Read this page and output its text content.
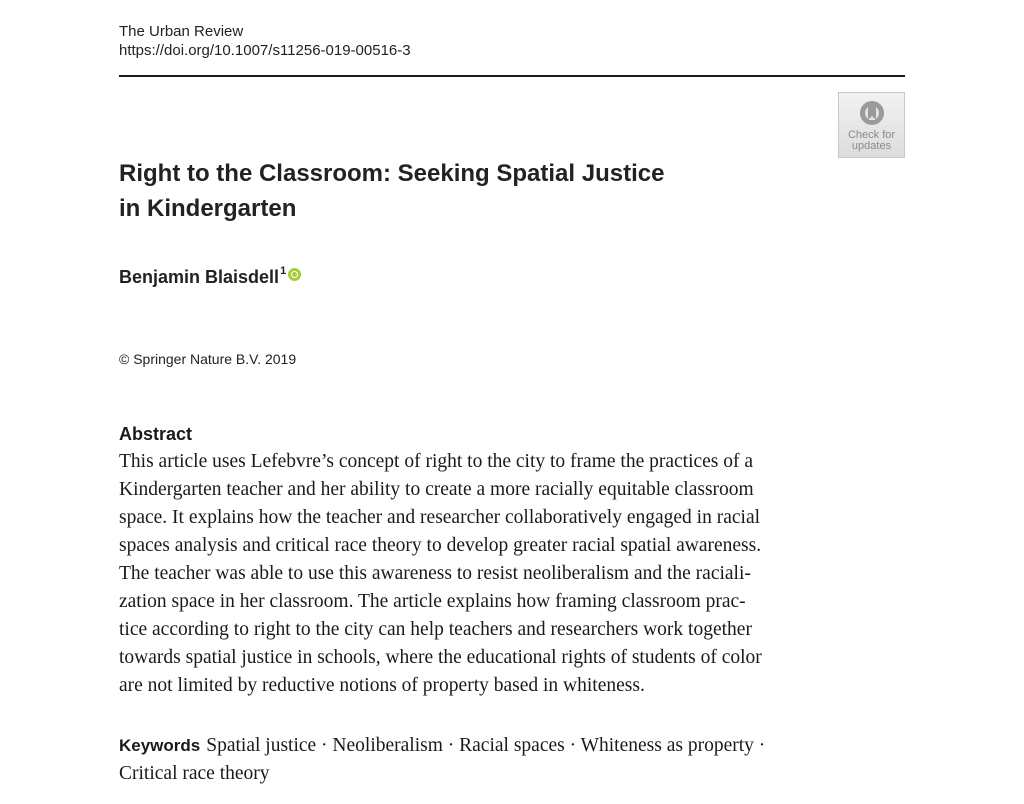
The Urban Review
https://doi.org/10.1007/s11256-019-00516-3
Check for
updates
Right to the Classroom: Seeking Spatial Justice
in Kindergarten
Benjamin Blaisdell$^1$
© Springer Nature B.V. 2019
Abstract
This article uses Lefebvre’s concept of right to the city to frame the practices of a
Kindergarten teacher and her ability to create a more racially equitable classroom
space. It explains how the teacher and researcher collaboratively engaged in racial
spaces analysis and critical race theory to develop greater racial spatial awareness.
The teacher was able to use this awareness to resist neoliberalism and the raciali-
zation space in her classroom. The article explains how framing classroom prac-
tice according to right to the city can help teachers and researchers work together
towards spatial justice in schools, where the educational rights of students of color
are not limited by reductive notions of property based in whiteness.
Keywords Spatial justice · Neoliberalism · Racial spaces · Whiteness as property ·
Critical race theory
